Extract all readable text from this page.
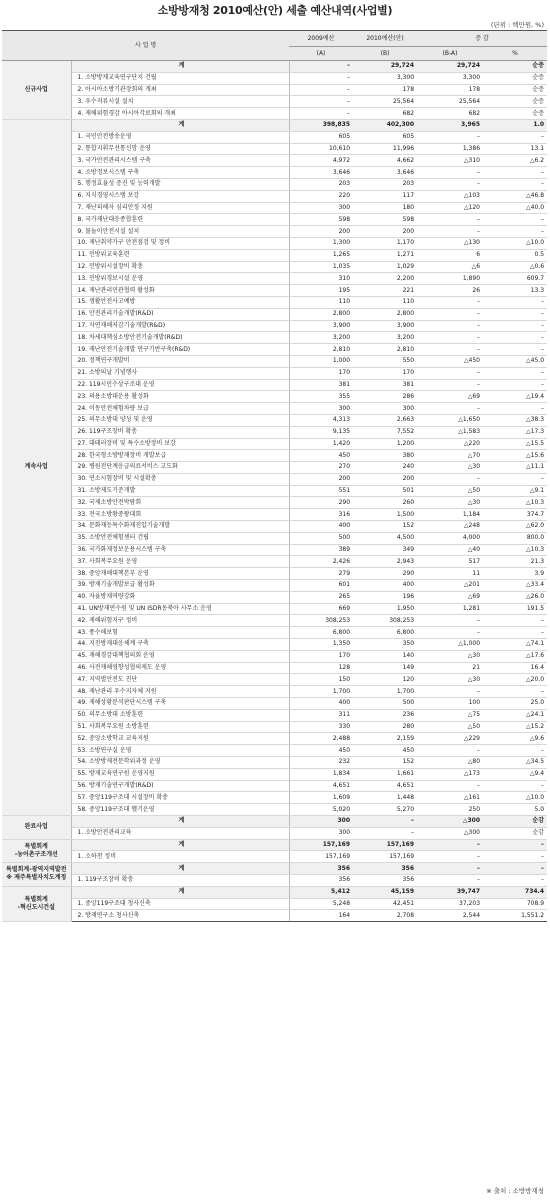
소방방재청 2010예산(안) 세출 예산내역(사업별)
(단위 : 백만원, %)
사 업 명		2009예산	2010예산(안)	증 감	
		(A)	(B)	(B-A)	%
신규사업	계	–	29,724	29,724	순증
	1. 소방방재교육연구단지 건립	–	3,300	3,300	순증
	2. 아시아소방기관장회의 개최	–	178	178	순증
	3. 우수저류시설 설치	–	25,564	25,564	순증
	4. 재해위험경감 아시아각료회의 개최	–	682	682	순증
계속사업	계	398,835	402,300	3,965	1.0
	1. 국민안전방송운영	605	605	–	–
	2. 통합지휘무선통신망 운영	10,610	11,996	1,386	13.1
	3. 국가안전관리시스템 구축	4,972	4,662	△310	△6.2
	4. 소방정보시스템 구축	3,646	3,646	–	–
	5. 행정효율성 증진 및 능력개발	203	203	–	–
	6. 지식경영시스템 보강	220	117	△103	△46.8
	7. 재난피해자 심리안정 지원	300	180	△120	△40.0
	8. 국가재난대응종합훈련	598	598	–	–
	9. 물놀이안전시설 설치	200	200	–	–
	10. 재난취약가구 안전점검 및 정비	1,300	1,170	△130	△10.0
	11. 민방위교육훈련	1,265	1,271	6	0.5
	12. 민방위시설장비 확충	1,035	1,029	△6	△0.6
	13. 민방위경보시설 운영	310	2,200	1,890	609.7
	14. 재난관리민관협력 활성화	195	221	26	13.3
	15. 생활안전사고예방	110	110	–	–
	16. 안전관리기술개발(R&D)	2,800	2,800	–	–
	17. 자연재해저감기술개발(R&D)	3,900	3,900	–	–
	18. 차세대핵심소방안전기술개발(R&D)	3,200	3,200	–	–
	19. 재난안전기술개발 연구기반구축(R&D)	2,810	2,810	–	–
	20. 정책연구개발비	1,000	550	△450	△45.0
	21. 소방의날 기념행사	170	170	–	–
	22. 119시민수상구조대 운영	381	381	–	–
	23. 의용소방대운용 활성화	355	286	△69	△19.4
	24. 이동안전체험차량 보급	300	300	–	–
	25. 의무소방대 양성 및 운영	4,313	2,663	△1,650	△38.3
	26. 119구조장비 확충	9,135	7,552	△1,583	△17.3
	27. 대테러장비 및 특수소방장비 보강	1,420	1,200	△220	△15.5
	28. 한국형소방방재장비 개발보급	450	380	△70	△15.6
	29. 병원전단계응급의료서비스 고도화	270	240	△30	△11.1
	30. 연소시험장비 및 시설확충	200	200	–	–
	31. 소방제도기준개발	551	501	△50	△9.1
	32. 국제소방안전박람회	290	260	△30	△10.3
	33. 전국소방왕중왕대회	316	1,500	1,184	374.7
	34. 문화재등특수화재진압기술개발	400	152	△248	△62.0
	35. 소방안전체험센터 건립	500	4,500	4,000	800.0
	36. 국가화재정보운용시스템 구축	389	349	△40	△10.3
	37. 사회복무요원 운영	2,426	2,943	517	21.3
	38. 중앙재해대책본부 운영	279	290	11	3.9
	39. 방재기술개발보급 활성화	601	400	△201	△33.4
	40. 자율방재역량강화	265	196	△69	△26.0
	41. UN방재연수원 및 UN ISDR동북아 사무소 운영	669	1,950	1,281	191.5
	42. 재해위험지구 정비	308,253	308,253	–	–
	43. 풍수해보험	6,800	6,800	–	–
	44. 지진방재대응체계 구축	1,350	350	△1,000	△74.1
	45. 재해경감대책협의회 운영	170	140	△30	△17.6
	46. 사전재해영향성협의제도 운영	128	149	21	16.4
	47. 지역별안전도 진단	150	120	△30	△20.0
	48. 재난관리 우수지자체 지원	1,700	1,700	–	–
	49. 재해상황분석판단시스템 구축	400	500	100	25.0
	50. 의무소방대 소방훈련	311	236	△75	△24.1
	51. 사회복무요원 소방훈련	330	280	△50	△15.2
	52. 중앙소방학교 교육지원	2,488	2,159	△229	△9.6
	53. 소방연구실 운영	450	450	–	–
	54. 소방방재전문학위과정 운영	232	152	△80	△34.5
	55. 방재교육연구원 운영지원	1,834	1,661	△173	△9.4
	56. 방재기술연구개발(R&D)	4,651	4,651	–	–
	57. 중앙119구조대 시설장비 확충	1,609	1,448	△161	△10.0
	58. 중앙119구조대 헬기운영	5,020	5,270	250	5.0
완료사업	계	300	–	△300	순감
	1. 소방안전관리교육	300	–	△300	순감
특별회계
-농어촌구조개선	계	157,169	157,169	–	–
	1. 소하천 정비	157,169	157,169	–	–
특별회계-광역지역발전
※ 제주특별자치도계정	계	356	356	–	–
	1. 119구조장비 확충	356	356	–	–
특별회계
-혁신도시건설	계	5,412	45,159	39,747	734.4
	1. 중앙119구조대 청사신축	5,248	42,451	37,203	708.9
	2. 방재연구소 청사신축	164	2,708	2,544	1,551.2
※ 출처 : 소방방재청
